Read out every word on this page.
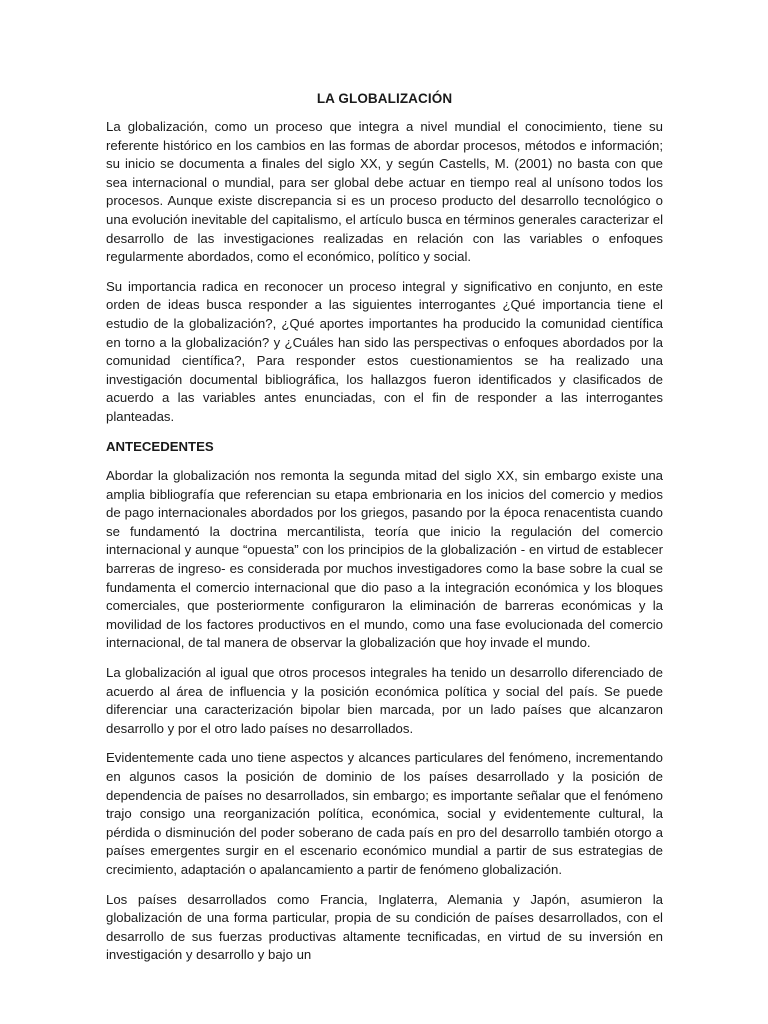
LA GLOBALIZACIÓN

La globalización, como un proceso que integra a nivel mundial el conocimiento, tiene su referente histórico en los cambios en las formas de abordar procesos, métodos e información; su inicio se documenta a finales del siglo XX, y según Castells, M. (2001) no basta con que sea internacional o mundial, para ser global debe actuar en tiempo real al unísono todos los procesos. Aunque existe discrepancia si es un proceso producto del desarrollo tecnológico o una evolución inevitable del capitalismo, el artículo busca en términos generales caracterizar el desarrollo de las investigaciones realizadas en relación con las variables o enfoques regularmente abordados, como el económico, político y social.

Su importancia radica en reconocer un proceso integral y significativo en conjunto, en este orden de ideas busca responder a las siguientes interrogantes ¿Qué importancia tiene el estudio de la globalización?, ¿Qué aportes importantes ha producido la comunidad científica en torno a la globalización? y ¿Cuáles han sido las perspectivas o enfoques abordados por la comunidad científica?, Para responder estos cuestionamientos se ha realizado una investigación documental bibliográfica, los hallazgos fueron identificados y clasificados de acuerdo a las variables antes enunciadas, con el fin de responder a las interrogantes planteadas.

ANTECEDENTES

Abordar la globalización nos remonta la segunda mitad del siglo XX, sin embargo existe una amplia bibliografía que referencian su etapa embrionaria en los inicios del comercio y medios de pago internacionales abordados por los griegos, pasando por la época renacentista cuando se fundamentó la doctrina mercantilista, teoría que inicio la regulación del comercio internacional y aunque “opuesta” con los principios de la globalización - en virtud de establecer barreras de ingreso- es considerada por muchos investigadores como la base sobre la cual se fundamenta el comercio internacional que dio paso a la integración económica y los bloques comerciales, que posteriormente configuraron la eliminación de barreras económicas y la movilidad de los factores productivos en el mundo, como una fase evolucionada del comercio internacional, de tal manera de observar la globalización que hoy invade el mundo.

La globalización al igual que otros procesos integrales ha tenido un desarrollo diferenciado de acuerdo al área de influencia y la posición económica política y social del país. Se puede diferenciar una caracterización bipolar bien marcada, por un lado países que alcanzaron desarrollo y por el otro lado países no desarrollados.

Evidentemente cada uno tiene aspectos y alcances particulares del fenómeno, incrementando en algunos casos la posición de dominio de los países desarrollado y la posición de dependencia de países no desarrollados, sin embargo; es importante señalar que el fenómeno trajo consigo una reorganización política, económica, social y evidentemente cultural, la pérdida o disminución del poder soberano de cada país en pro del desarrollo también otorgo a países emergentes surgir en el escenario económico mundial a partir de sus estrategias de crecimiento, adaptación o apalancamiento a partir de fenómeno globalización.

Los países desarrollados como Francia, Inglaterra, Alemania y Japón, asumieron la globalización de una forma particular, propia de su condición de países desarrollados, con el desarrollo de sus fuerzas productivas altamente tecnificadas, en virtud de su inversión en investigación y desarrollo y bajo un
